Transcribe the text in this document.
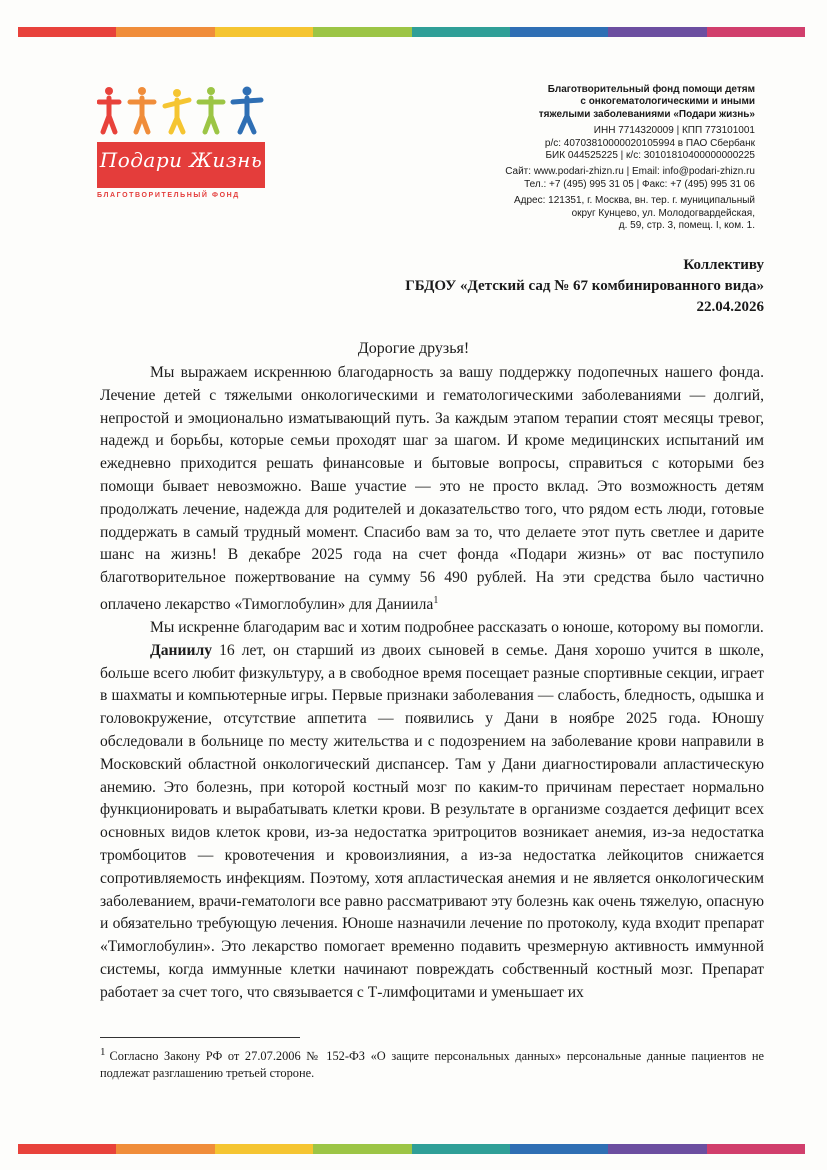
Подари Жизнь
БЛАГОТВОРИТЕЛЬНЫЙ ФОНД
Благотворительный фонд помощи детям
с онкогематологическими и иными
тяжелыми заболеваниями «Подари жизнь»
ИНН 7714320009 | КПП 773101001
р/с: 40703810000020105994 в ПАО Сбербанк
БИК 044525225 | к/с: 30101810400000000225
Сайт: www.podari-zhizn.ru | Email: info@podari-zhizn.ru
Тел.: +7 (495) 995 31 05 | Факс: +7 (495) 995 31 06
Адрес: 121351, г. Москва, вн. тер. г. муниципальный
округ Кунцево, ул. Молодогвардейская,
д. 59, стр. 3, помещ. I, ком. 1.
Коллективу
ГБДОУ «Детский сад № 67 комбинированного вида»
22.04.2026
Дорогие друзья!

Мы выражаем искреннюю благодарность за вашу поддержку подопечных нашего фонда. Лечение детей с тяжелыми онкологическими и гематологическими заболеваниями — долгий, непростой и эмоционально изматывающий путь. За каждым этапом терапии стоят месяцы тревог, надежд и борьбы, которые семьи проходят шаг за шагом. И кроме медицинских испытаний им ежедневно приходится решать финансовые и бытовые вопросы, справиться с которыми без помощи бывает невозможно. Ваше участие — это не просто вклад. Это возможность детям продолжать лечение, надежда для родителей и доказательство того, что рядом есть люди, готовые поддержать в самый трудный момент. Спасибо вам за то, что делаете этот путь светлее и дарите шанс на жизнь! В декабре 2025 года на счет фонда «Подари жизнь» от вас поступило благотворительное пожертвование на сумму 56 490 рублей. На эти средства было частично оплачено лекарство «Тимоглобулин» для Даниила$^1$

Мы искренне благодарим вас и хотим подробнее рассказать о юноше, которому вы помогли.

Даниилу 16 лет, он старший из двоих сыновей в семье. Даня хорошо учится в школе, больше всего любит физкультуру, а в свободное время посещает разные спортивные секции, играет в шахматы и компьютерные игры. Первые признаки заболевания — слабость, бледность, одышка и головокружение, отсутствие аппетита — появились у Дани в ноябре 2025 года. Юношу обследовали в больнице по месту жительства и с подозрением на заболевание крови направили в Московский областной онкологический диспансер. Там у Дани диагностировали апластическую анемию. Это болезнь, при которой костный мозг по каким-то причинам перестает нормально функционировать и вырабатывать клетки крови. В результате в организме создается дефицит всех основных видов клеток крови, из-за недостатка эритроцитов возникает анемия, из-за недостатка тромбоцитов — кровотечения и кровоизлияния, а из-за недостатка лейкоцитов снижается сопротивляемость инфекциям. Поэтому, хотя апластическая анемия и не является онкологическим заболеванием, врачи-гематологи все равно рассматривают эту болезнь как очень тяжелую, опасную и обязательно требующую лечения. Юноше назначили лечение по протоколу, куда входит препарат «Тимоглобулин». Это лекарство помогает временно подавить чрезмерную активность иммунной системы, когда иммунные клетки начинают повреждать собственный костный мозг. Препарат работает за счет того, что связывается с Т-лимфоцитами и уменьшает их

1 Согласно Закону РФ от 27.07.2006 № 152-ФЗ «О защите персональных данных» персональные данные пациентов не подлежат разглашению третьей стороне.
